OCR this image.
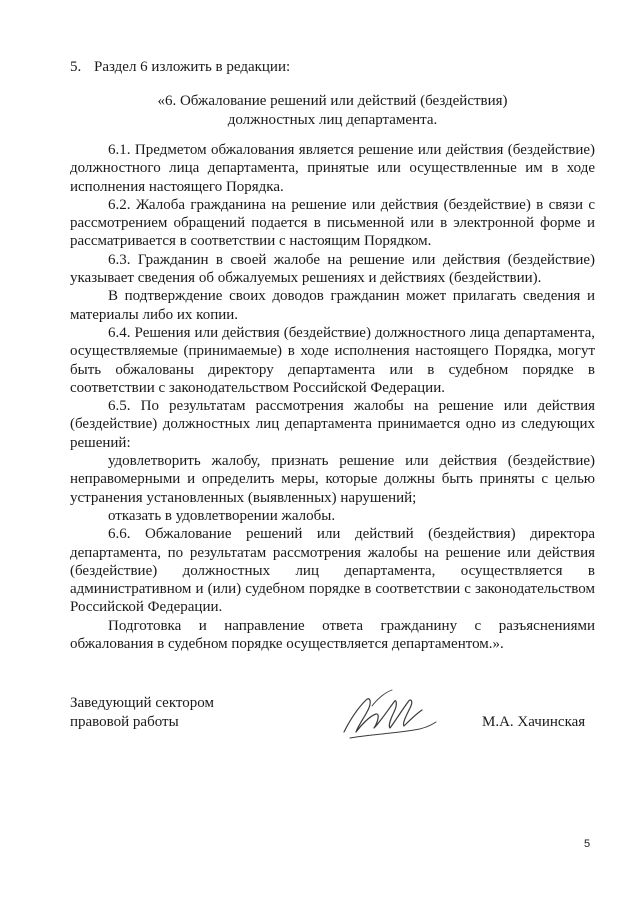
5. Раздел 6 изложить в редакции:
«6. Обжалование решений или действий (бездействия)
должностных лиц департамента.

6.1. Предметом обжалования является решение или действия (бездействие) должностного лица департамента, принятые или осуществленные им в ходе исполнения настоящего Порядка.

6.2. Жалоба гражданина на решение или действия (бездействие) в связи с рассмотрением обращений подается в письменной или в электронной форме и рассматривается в соответствии с настоящим Порядком.

6.3. Гражданин в своей жалобе на решение или действия (бездействие) указывает сведения об обжалуемых решениях и действиях (бездействии).

В подтверждение своих доводов гражданин может прилагать сведения и материалы либо их копии.

6.4. Решения или действия (бездействие) должностного лица департамента, осуществляемые (принимаемые) в ходе исполнения настоящего Порядка, могут быть обжалованы директору департамента или в судебном порядке в соответствии с законодательством Российской Федерации.

6.5. По результатам рассмотрения жалобы на решение или действия (бездействие) должностных лиц департамента принимается одно из следующих решений:

удовлетворить жалобу, признать решение или действия (бездействие) неправомерными и определить меры, которые должны быть приняты с целью устранения установленных (выявленных) нарушений;

отказать в удовлетворении жалобы.

6.6. Обжалование решений или действий (бездействия) директора департамента, по результатам рассмотрения жалобы на решение или действия (бездействие) должностных лиц департамента, осуществляется в административном и (или) судебном порядке в соответствии с законодательством Российской Федерации.

Подготовка и направление ответа гражданину с разъяснениями обжалования в судебном порядке осуществляется департаментом.».

Заведующий сектором
правовой работы	М.А. Хачинская
5
